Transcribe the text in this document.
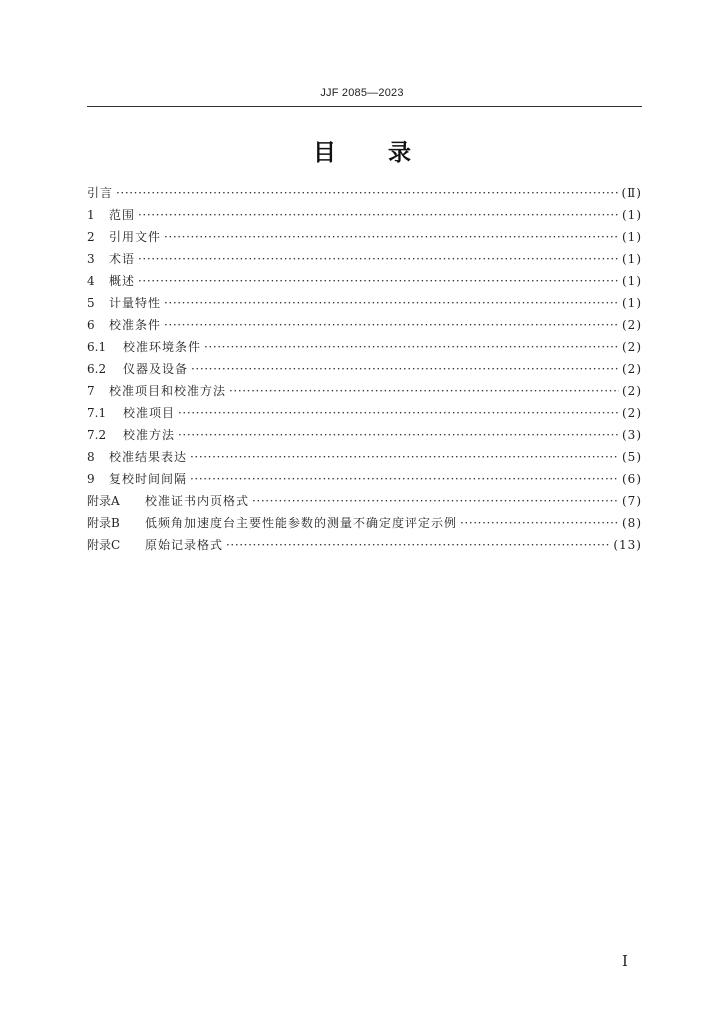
JJF 2085—2023
目 录
引言 ·····	(Ⅱ)
1	范围 ·····	(1)
2	引用文件 ·····	(1)
3	术语 ·····	(1)
4	概述 ·····	(1)
5	计量特性 ·····	(1)
6	校准条件 ·····	(2)
6.1	校准环境条件 ·····	(2)
6.2	仪器及设备 ·····	(2)
7	校准项目和校准方法 ·····	(2)
7.1	校准项目 ·····	(2)
7.2	校准方法 ·····	(3)
8	校准结果表达 ·····	(5)
9	复校时间间隔 ·····	(6)
附录A	校准证书内页格式 ·····	(7)
附录B	低频角加速度台主要性能参数的测量不确定度评定示例 ·····	(8)
附录C	原始记录格式 ·····	(13)
Ⅰ
